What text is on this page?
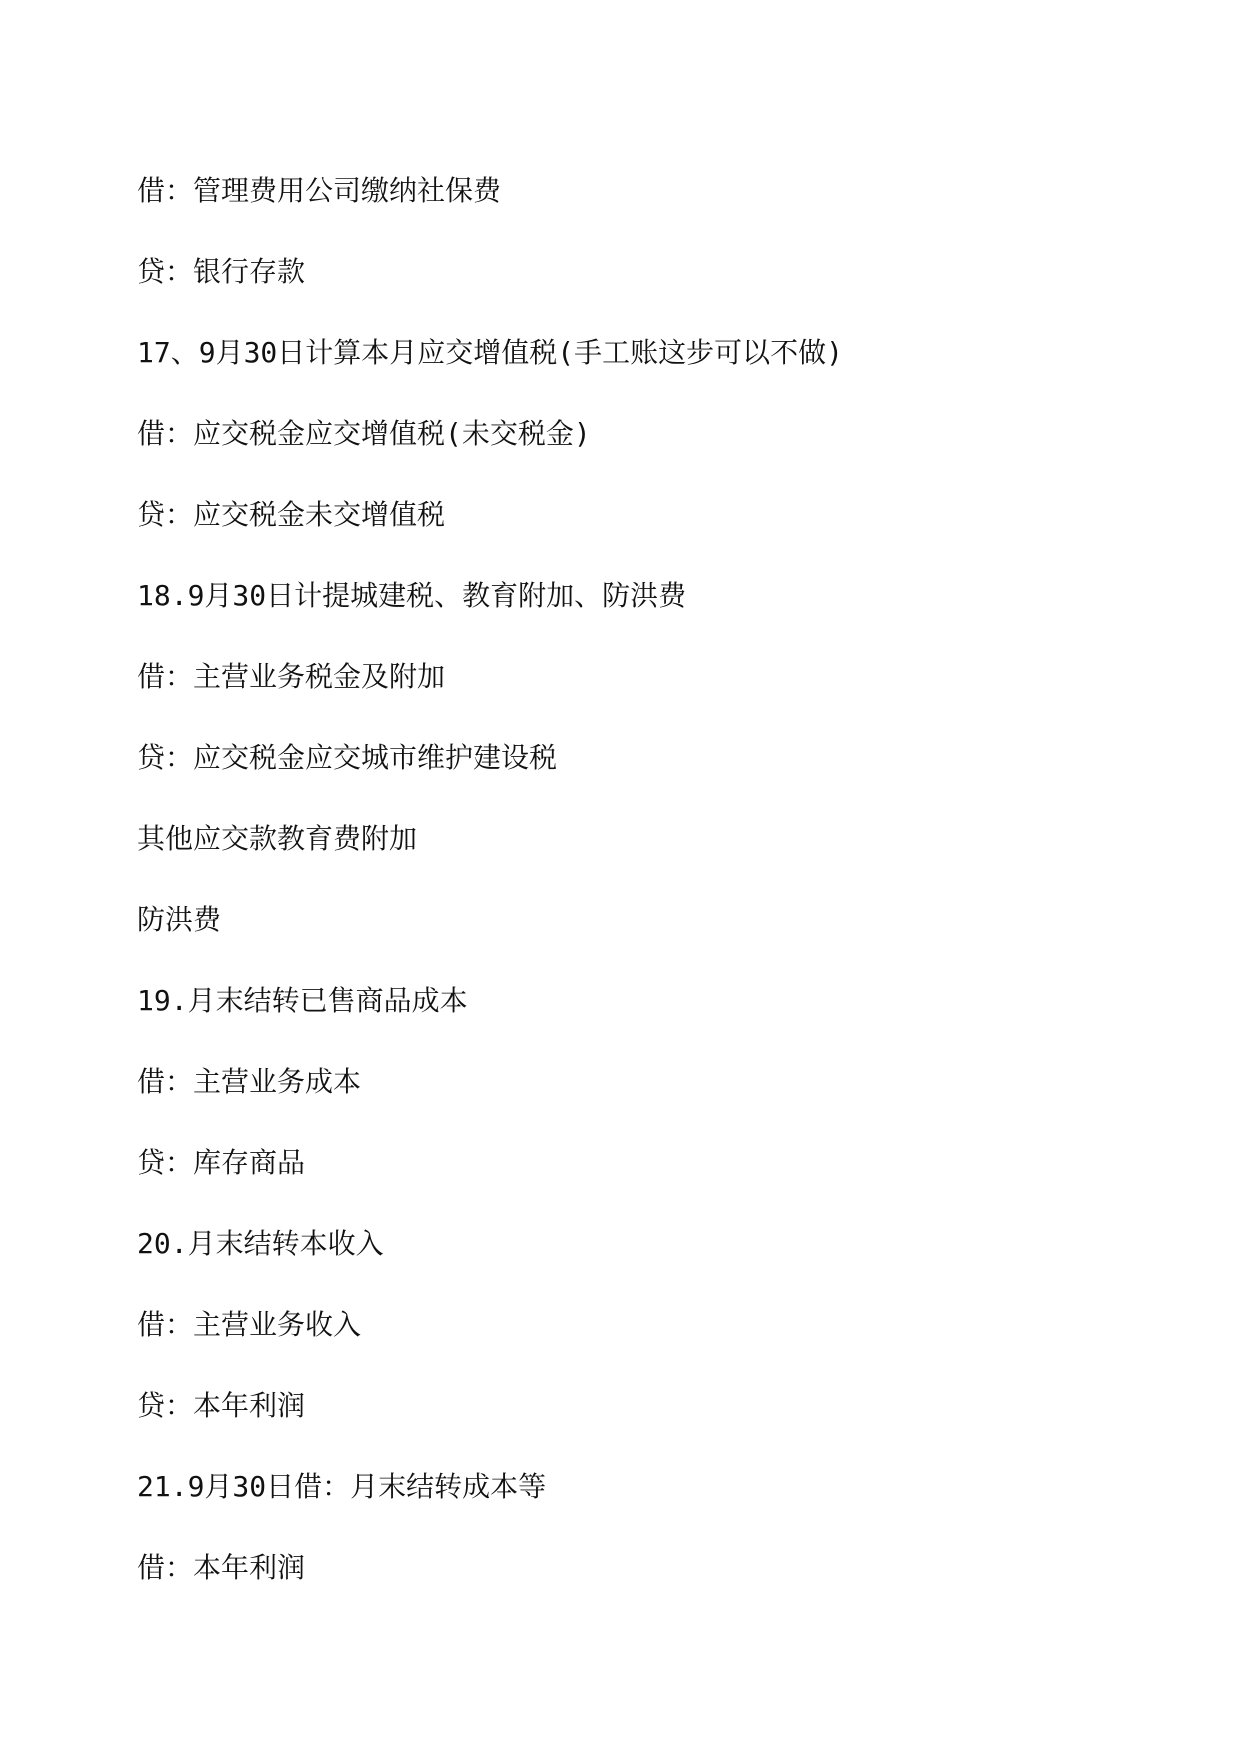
借：管理费用公司缴纳社保费
贷：银行存款
17、9月30日计算本月应交增值税(手工账这步可以不做)
借：应交税金应交增值税(未交税金)
贷：应交税金未交增值税
18.9月30日计提城建税、教育附加、防洪费
借：主营业务税金及附加
贷：应交税金应交城市维护建设税
其他应交款教育费附加
防洪费
19.月末结转已售商品成本
借：主营业务成本
贷：库存商品
20.月末结转本收入
借：主营业务收入
贷：本年利润
21.9月30日借：月末结转成本等
借：本年利润
